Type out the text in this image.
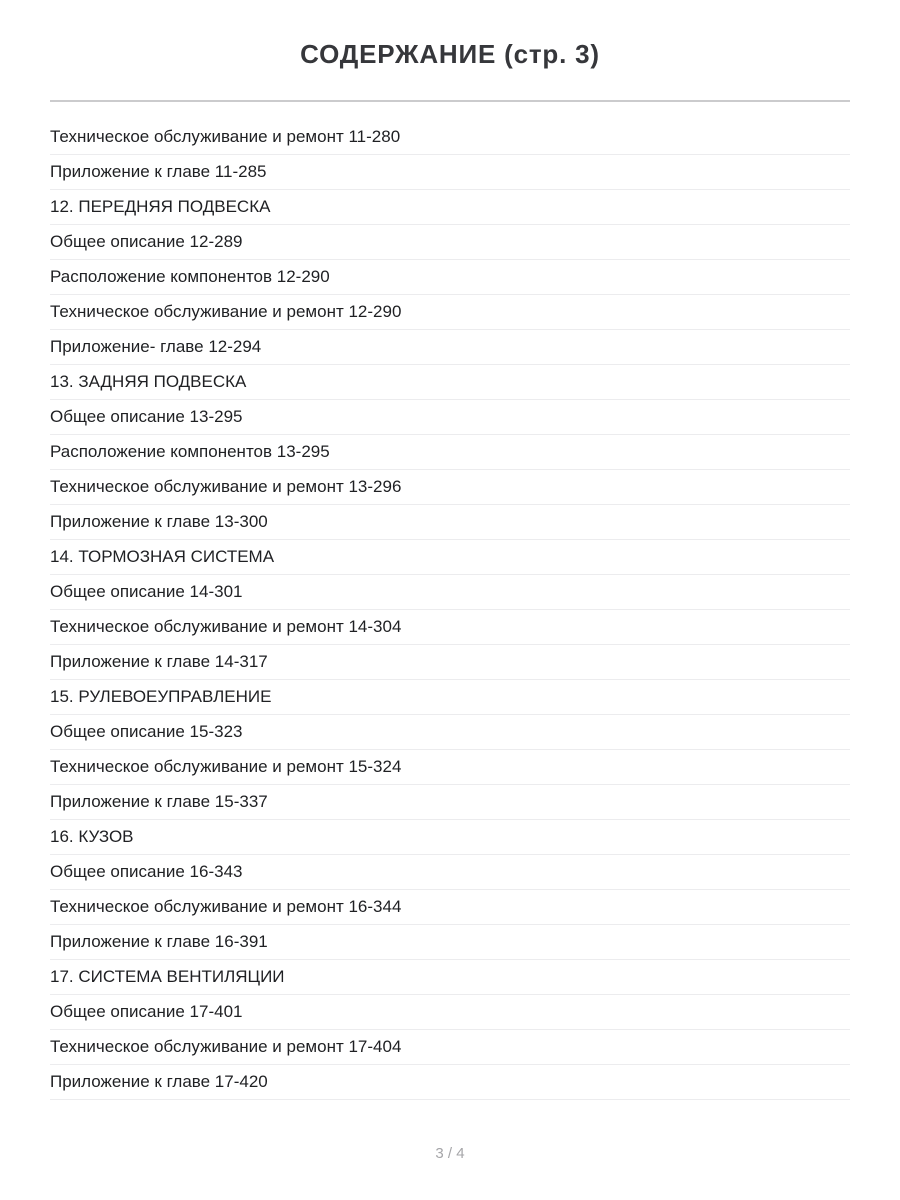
СОДЕРЖАНИЕ (стр. 3)
Техническое обслуживание и ремонт 11-280
Приложение к главе 11-285
12. ПЕРЕДНЯЯ ПОДВЕСКА
Общее описание 12-289
Расположение компонентов 12-290
Техническое обслуживание и ремонт 12-290
Приложение- главе 12-294
13. ЗАДНЯЯ ПОДВЕСКА
Общее описание 13-295
Расположение компонентов 13-295
Техническое обслуживание и ремонт 13-296
Приложение к главе 13-300
14. ТОРМОЗНАЯ СИСТЕМА
Общее описание 14-301
Техническое обслуживание и ремонт 14-304
Приложение к главе 14-317
15. РУЛЕВОЕУПРАВЛЕНИЕ
Общее описание 15-323
Техническое обслуживание и ремонт 15-324
Приложение к главе 15-337
16. КУЗОВ
Общее описание 16-343
Техническое обслуживание и ремонт 16-344
Приложение к главе 16-391
17. СИСТЕМА ВЕНТИЛЯЦИИ
Общее описание 17-401
Техническое обслуживание и ремонт 17-404
Приложение к главе 17-420
3 / 4
